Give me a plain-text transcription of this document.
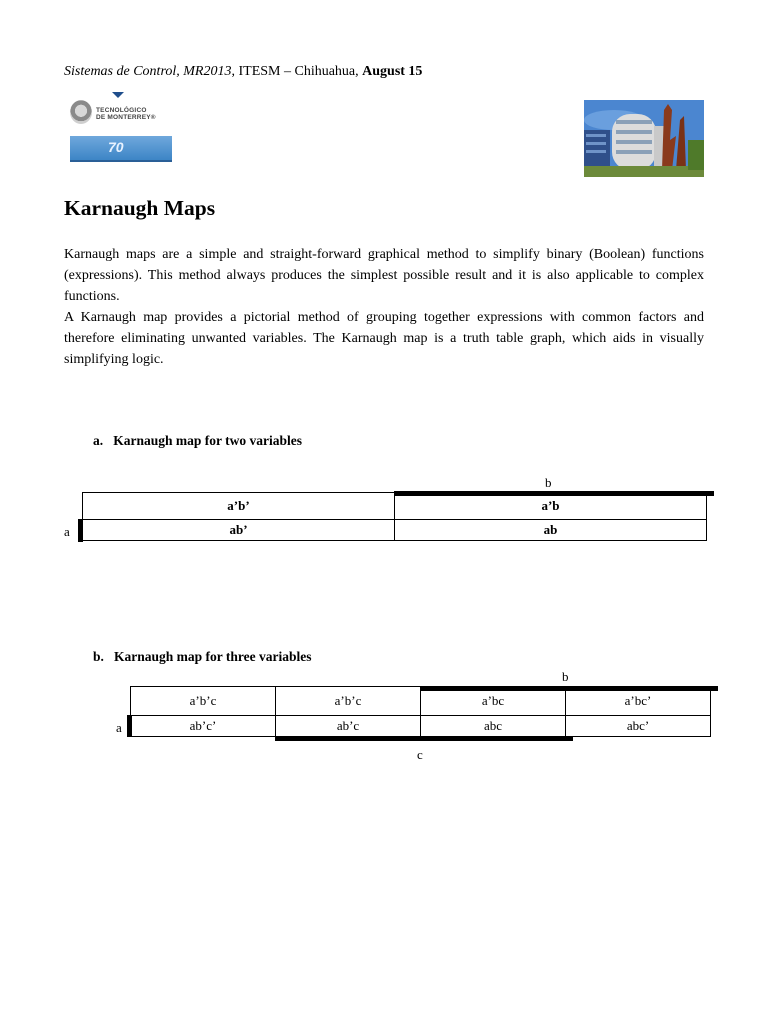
Sistemas de Control, MR2013, ITESM – Chihuahua, August 15
TECNOLÓGICO
DE MONTERREY®
70
Karnaugh Maps
Karnaugh maps are a simple and straight-forward graphical method to simplify binary (Boolean) functions (expressions). This method always produces the simplest possible result and it is also applicable to complex functions.
A Karnaugh map provides a pictorial method of grouping together expressions with common factors and therefore eliminating unwanted variables. The Karnaugh map is a truth table graph, which aids in visually simplifying logic.
a. Karnaugh map for two variables
b
a
a’b’	a’b
ab’	ab
b. Karnaugh map for three variables
b
a
c
a’b’c	a’b’c	a’bc	a’bc’
ab’c’	ab’c	abc	abc’
